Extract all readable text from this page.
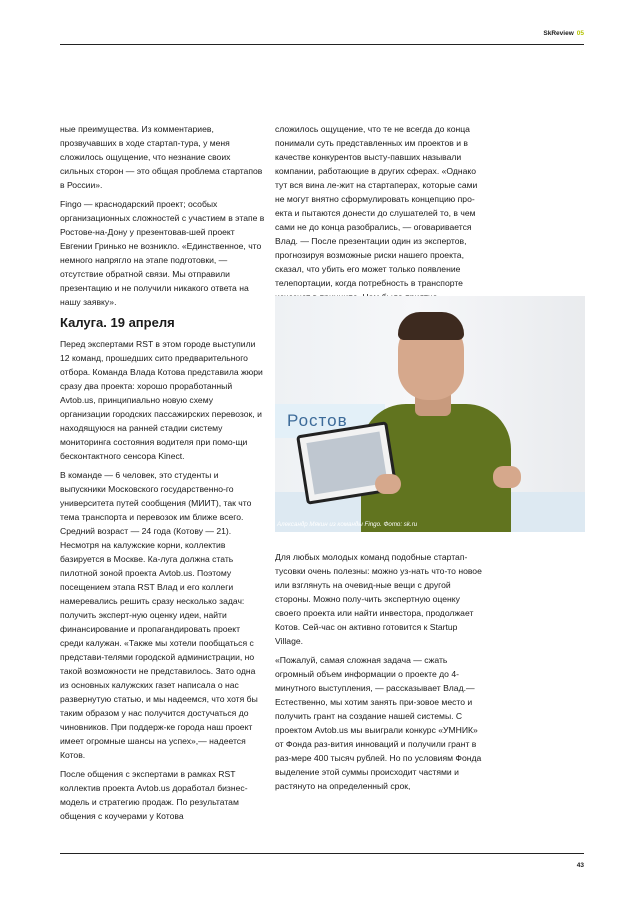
SkReview 05

ные преимущества. Из комментариев, прозвучавших в ходе стартап-тура, у меня сложилось ощущение, что незнание своих сильных сторон — это общая проблема стартапов в России».

Fingo — краснодарский проект; особых организационных сложностей с участием в этапе в Ростове-на-Дону у презентовав-шей проект Евгении Гринько не возникло. «Единственное, что немного напрягло на этапе подготовки, — отсутствие обратной связи. Мы отправили презентацию и не получили никакого ответа на нашу заявку».

Калуга. 19 апреля

Перед экспертами RST в этом городе выступили 12 команд, прошедших сито предварительного отбора. Команда Влада Котова представила жюри сразу два проекта: хорошо проработанный Avtob.us, принципиально новую схему организации городских пассажирских перевозок, и находящуюся на ранней стадии систему мониторинга состояния водителя при помо-щи бесконтактного сенсора Kinect.

В команде — 6 человек, это студенты и выпускники Московского государственно-го университета путей сообщения (МИИТ), так что тема транспорта и перевозок им ближе всего. Средний возраст — 24 года (Котову — 21). Несмотря на калужские корни, коллектив базируется в Москве. Ка-луга должна стать пилотной зоной проекта Avtob.us. Поэтому посещением этапа RST Влад и его коллеги намеревались решить сразу несколько задач: получить эксперт-ную оценку идеи, найти финансирование и пропагандировать проект среди калужан. «Также мы хотели пообщаться с представи-телями городской администрации, но такой возможности не представилось. Зато одна из основных калужских газет написала о нас развернутую статью, и мы надеемся, что хотя бы таким образом у нас получится достучаться до чиновников. При поддерж-ке города наш проект имеет огромные шансы на успех»,— надеется Котов.

После общения с экспертами в рамках RST коллектив проекта Avtob.us доработал бизнес-модель и стратегию продаж. По результатам общения с коучерами у Котова

сложилось ощущение, что те не всегда до конца понимали суть представленных им проектов и в качестве конкурентов высту-павших называли компании, работающие в других сферах. «Однако тут вся вина ле-жит на стартаперах, которые сами не могут внятно сформулировать концепцию про-екта и пытаются донести до слушателей то, в чем сами не до конца разобрались, — оговаривается Влад. — После презентации один из экспертов, прогнозируя возможные риски нашего проекта, сказал, что убить его может только появление телепортации, когда потребность в транспорте

Ростов
Александр Мякин из команды Fingo. Фото: sk.ru

Для любых молодых команд подобные стартап- тусовки очень полезны: можно уз-нать что-то новое или взглянуть на очевид-ные вещи с другой стороны. Можно полу-чить экспертную оценку своего проекта или найти инвестора, продолжает Котов. Сей-час он активно готовится к Startup Village.

«Пожалуй, самая сложная задача — сжать огромный объем информации о проекте до 4-минутного выступления, — рассказывает Влад.— Естественно, мы хотим занять при-зовое место и получить грант на создание нашей системы. С проектом Avtob.us мы выиграли конкурс «УМНИК» от Фонда раз-вития инноваций и получили грант в раз-мере 400 тысяч рублей. Но по условиям Фонда выделение этой суммы происходит частями и растянуто на определенный срок,

43
